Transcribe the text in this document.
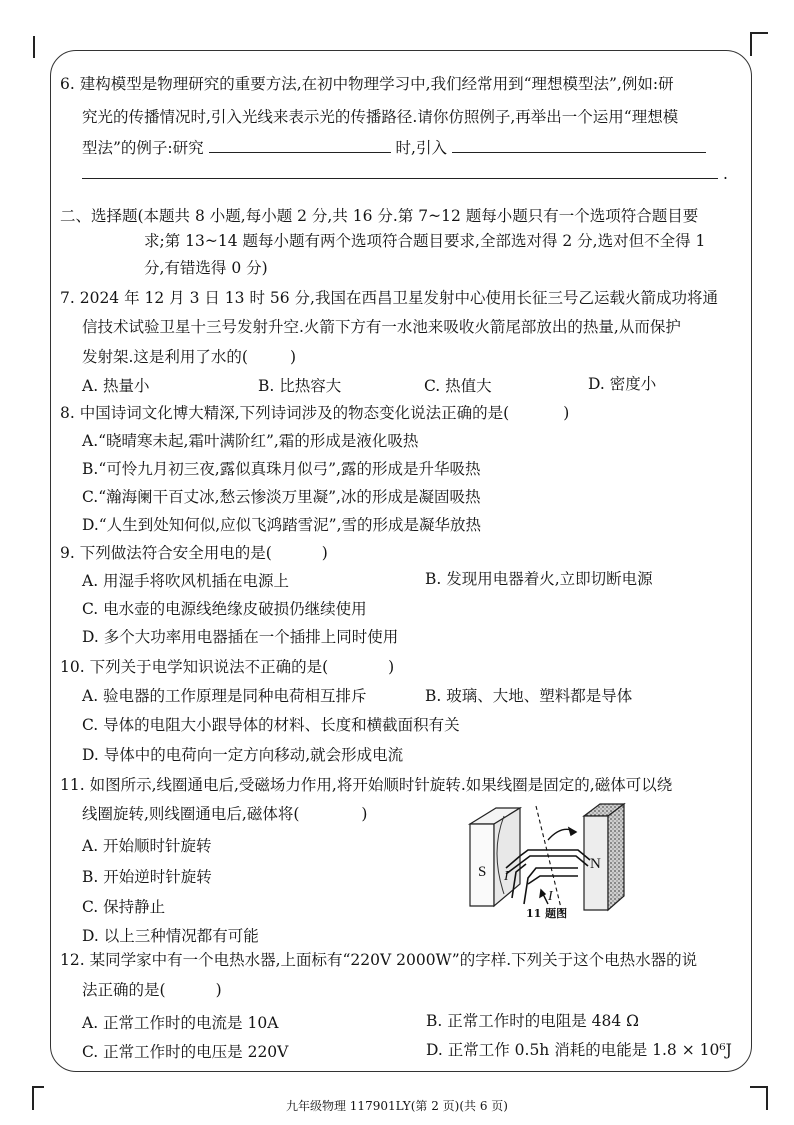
6. 建构模型是物理研究的重要方法,在初中物理学习中,我们经常用到“理想模型法”,例如:研
究光的传播情况时,引入光线来表示光的传播路径.请你仿照例子,再举出一个运用“理想模
型法”的例子:研究	时,引入
.
二、选择题(本题共 8 小题,每小题 2 分,共 16 分.第 7~12 题每小题只有一个选项符合题目要
求;第 13~14 题每小题有两个选项符合题目要求,全部选对得 2 分,选对但不全得 1
分,有错选得 0 分)
7. 2024 年 12 月 3 日 13 时 56 分,我国在西昌卫星发射中心使用长征三号乙运载火箭成功将通
信技术试验卫星十三号发射升空.火箭下方有一水池来吸收火箭尾部放出的热量,从而保护
发射架.这是利用了水的(	)
A. 热量小	B. 比热容大	C. 热值大	D. 密度小
8. 中国诗词文化博大精深,下列诗词涉及的物态变化说法正确的是(	)
A.“晓晴寒未起,霜叶满阶红”,霜的形成是液化吸热
B.“可怜九月初三夜,露似真珠月似弓”,露的形成是升华吸热
C.“瀚海阑干百丈冰,愁云惨淡万里凝”,冰的形成是凝固吸热
D.“人生到处知何似,应似飞鸿踏雪泥”,雪的形成是凝华放热
9. 下列做法符合安全用电的是(	)
A. 用湿手将吹风机插在电源上	B. 发现用电器着火,立即切断电源
C. 电水壶的电源线绝缘皮破损仍继续使用
D. 多个大功率用电器插在一个插排上同时使用
10. 下列关于电学知识说法不正确的是(	)
A. 验电器的工作原理是同种电荷相互排斥	B. 玻璃、大地、塑料都是导体
C. 导体的电阻大小跟导体的材料、长度和横截面积有关
D. 导体中的电荷向一定方向移动,就会形成电流
11. 如图所示,线圈通电后,受磁场力作用,将开始顺时针旋转.如果线圈是固定的,磁体可以绕
线圈旋转,则线圈通电后,磁体将(	)
A. 开始顺时针旋转
B. 开始逆时针旋转
C. 保持静止
D. 以上三种情况都有可能
12. 某同学家中有一个电热水器,上面标有“220V 2000W”的字样.下列关于这个电热水器的说
法正确的是(	)
A. 正常工作时的电流是 10A	B. 正常工作时的电阻是 484 Ω
C. 正常工作时的电压是 220V	D. 正常工作 0.5h 消耗的电能是 1.8 × 10⁶J
S	N
I
I
11 题图
九年级物理 117901LY(第 2 页)(共 6 页)
